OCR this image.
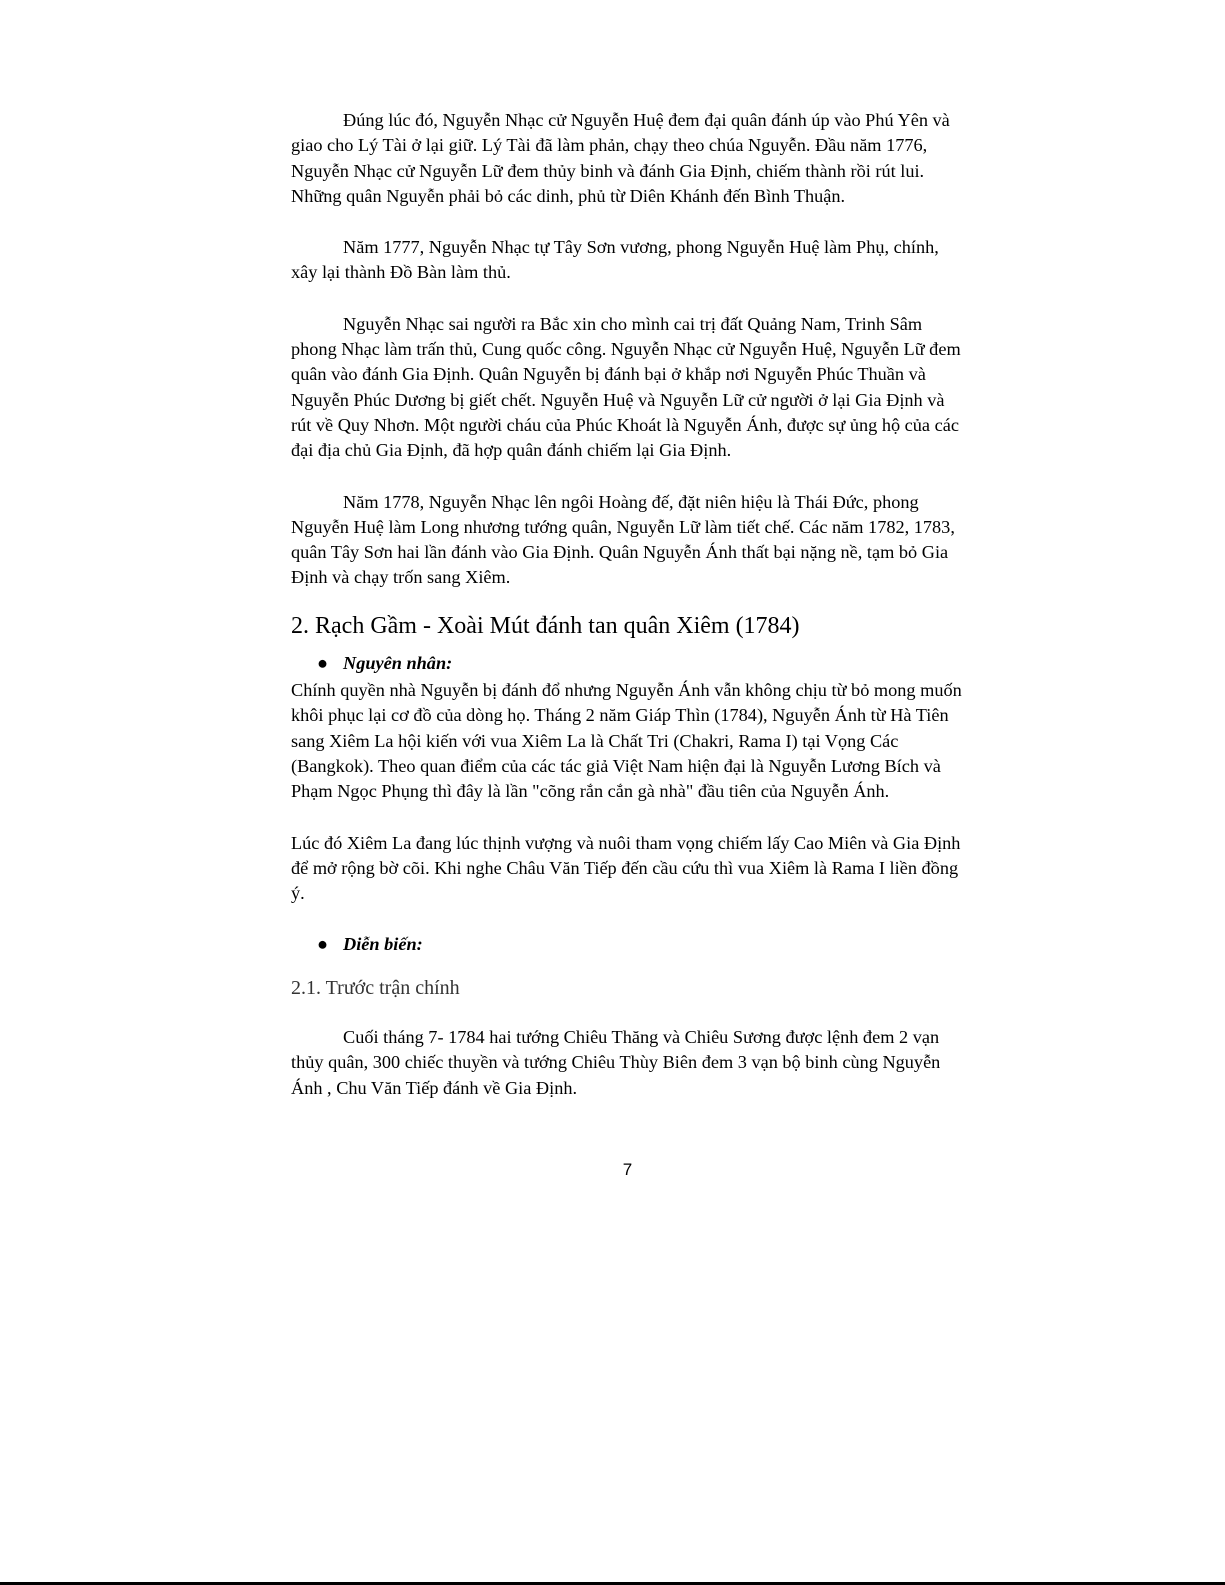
Đúng lúc đó, Nguyễn Nhạc cử Nguyễn Huệ đem đại quân đánh úp vào Phú Yên và giao cho Lý Tài ở lại giữ. Lý Tài đã làm phản, chạy theo chúa Nguyễn. Đầu năm 1776, Nguyễn Nhạc cử Nguyễn Lữ đem thủy binh và đánh Gia Định, chiếm thành rồi rút lui. Những quân Nguyễn phải bỏ các dinh, phủ từ Diên Khánh đến Bình Thuận.

Năm 1777, Nguyễn Nhạc tự Tây Sơn vương, phong Nguyễn Huệ làm Phụ, chính, xây lại thành Đồ Bàn làm thủ.

Nguyễn Nhạc sai người ra Bắc xin cho mình cai trị đất Quảng Nam, Trinh Sâm phong Nhạc làm trấn thủ, Cung quốc công. Nguyễn Nhạc cử Nguyễn Huệ, Nguyễn Lữ đem quân vào đánh Gia Định. Quân Nguyễn bị đánh bại ở khắp nơi Nguyễn Phúc Thuần và Nguyễn Phúc Dương bị giết chết. Nguyễn Huệ và Nguyễn Lữ cử người ở lại Gia Định và rút về Quy Nhơn. Một người cháu của Phúc Khoát là Nguyễn Ánh, được sự ủng hộ của các đại địa chủ Gia Định, đã hợp quân đánh chiếm lại Gia Định.

Năm 1778, Nguyễn Nhạc lên ngôi Hoàng đế, đặt niên hiệu là Thái Đức, phong Nguyễn Huệ làm Long nhương tướng quân, Nguyễn Lữ làm tiết chế. Các năm 1782, 1783, quân Tây Sơn hai lần đánh vào Gia Định. Quân Nguyễn Ánh thất bại nặng nề, tạm bỏ Gia Định và chạy trốn sang Xiêm.

2. Rạch Gầm - Xoài Mút đánh tan quân Xiêm (1784)

● Nguyên nhân:

Chính quyền nhà Nguyễn bị đánh đổ nhưng Nguyễn Ánh vẫn không chịu từ bỏ mong muốn khôi phục lại cơ đồ của dòng họ. Tháng 2 năm Giáp Thìn (1784), Nguyễn Ánh từ Hà Tiên sang Xiêm La hội kiến với vua Xiêm La là Chất Tri (Chakri, Rama I) tại Vọng Các (Bangkok). Theo quan điểm của các tác giả Việt Nam hiện đại là Nguyễn Lương Bích và Phạm Ngọc Phụng thì đây là lần "cõng rắn cắn gà nhà" đầu tiên của Nguyễn Ánh.

Lúc đó Xiêm La đang lúc thịnh vượng và nuôi tham vọng chiếm lấy Cao Miên và Gia Định để mở rộng bờ cõi. Khi nghe Châu Văn Tiếp đến cầu cứu thì vua Xiêm là Rama I liền đồng ý.

● Diễn biến:

2.1. Trước trận chính

Cuối tháng 7- 1784 hai tướng Chiêu Thăng và Chiêu Sương được lệnh đem 2 vạn thủy quân, 300 chiếc thuyền và tướng Chiêu Thùy Biên đem 3 vạn bộ binh cùng Nguyễn Ánh , Chu Văn Tiếp đánh về Gia Định.

7
